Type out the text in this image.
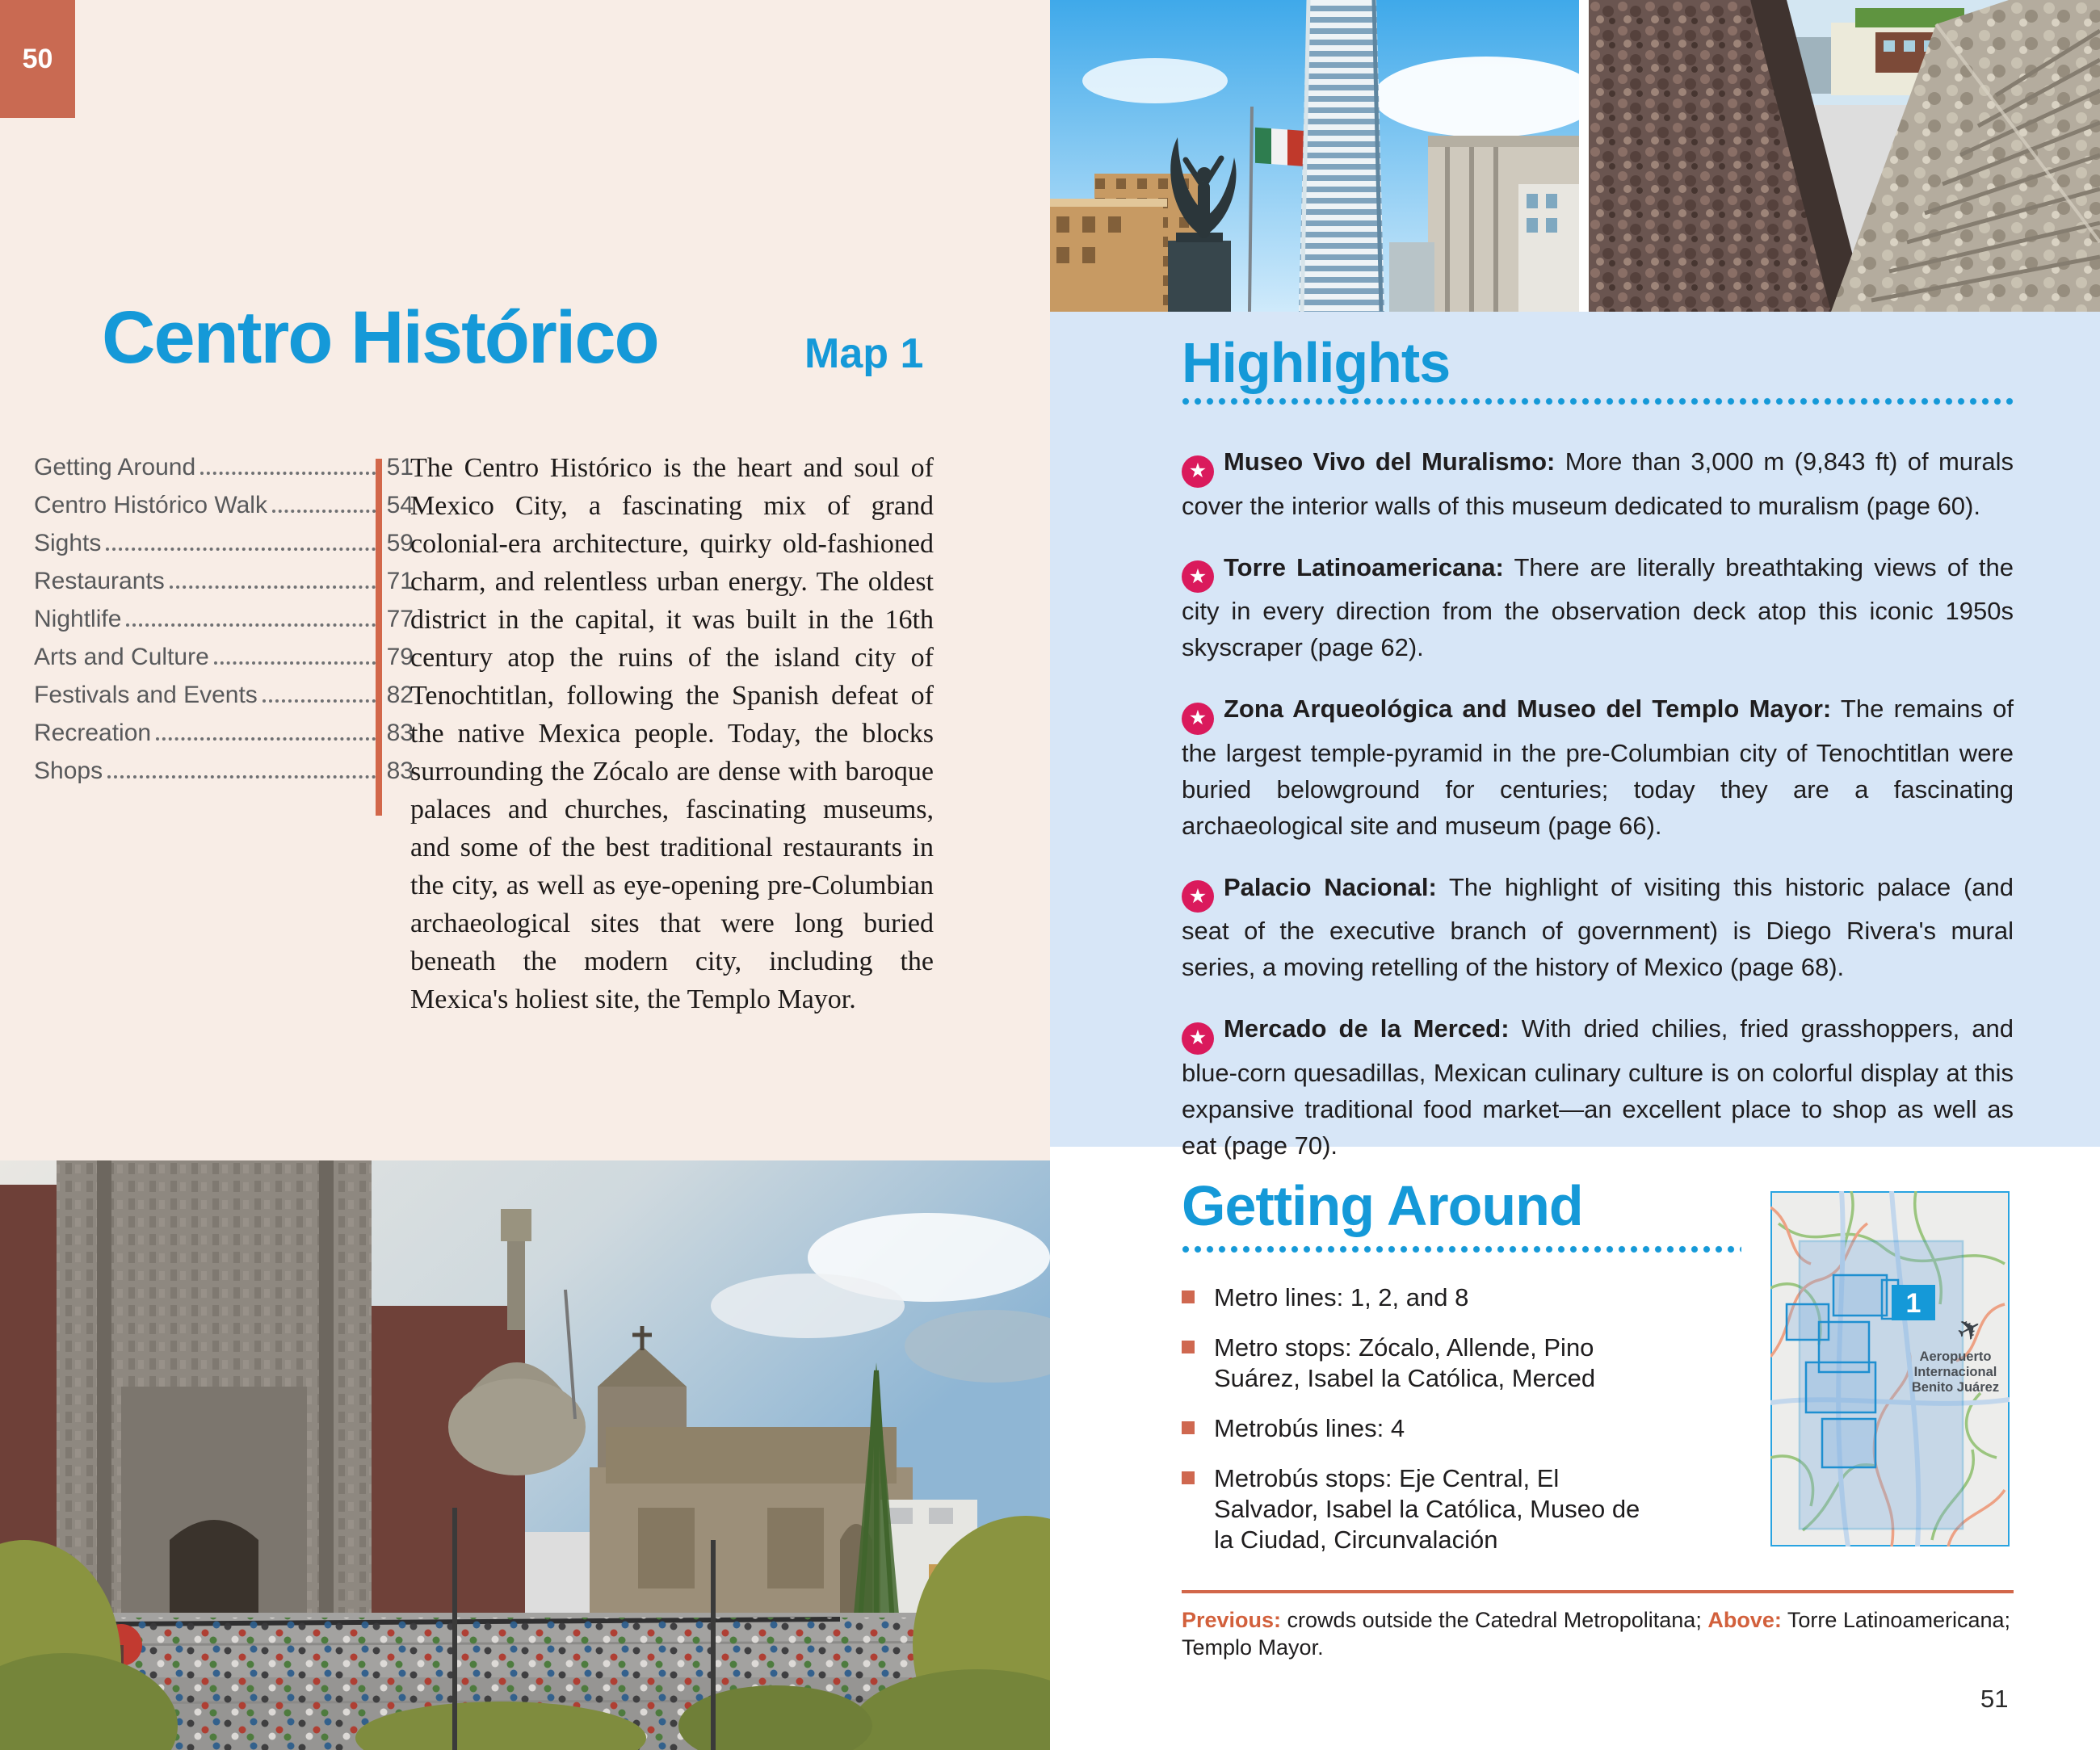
50
Centro Histórico	Map 1
Getting Around	51
Centro Histórico Walk	54
Sights	59
Restaurants	71
Nightlife	77
Arts and Culture	79
Festivals and Events	82
Recreation	83
Shops	83
The Centro Histórico is the heart and soul of Mexico City, a fascinating mix of grand colonial-era architecture, quirky old-fashioned charm, and relentless urban energy. The oldest district in the capital, it was built in the 16th century atop the ruins of the island city of Tenochtitlan, following the Spanish defeat of the native Mexica people. Today, the blocks surrounding the Zócalo are dense with baroque palaces and churches, fascinating museums, and some of the best traditional restaurants in the city, as well as eye-opening pre-Columbian archaeological sites that were long buried beneath the modern city, including the Mexica's holiest site, the Templo Mayor.
Highlights

★ Museo Vivo del Muralismo: More than 3,000 m (9,843 ft) of murals cover the interior walls of this museum dedicated to muralism (page 60).

★ Torre Latinoamericana: There are literally breathtaking views of the city in every direction from the observation deck atop this iconic 1950s skyscraper (page 62).

★ Zona Arqueológica and Museo del Templo Mayor: The remains of the largest temple-pyramid in the pre-Columbian city of Tenochtitlan were buried belowground for centuries; today they are a fascinating archaeological site and museum (page 66).

★ Palacio Nacional: The highlight of visiting this historic palace (and seat of the executive branch of government) is Diego Rivera's mural series, a moving retelling of the history of Mexico (page 68).

★ Mercado de la Merced: With dried chilies, fried grasshoppers, and blue-corn quesadillas, Mexican culinary culture is on colorful display at this expansive traditional food market—an excellent place to shop as well as eat (page 70).

Getting Around
Metro lines: 1, 2, and 8
Metro stops: Zócalo, Allende, Pino Suárez, Isabel la Católica, Merced
Metrobús lines: 4
Metrobús stops: Eje Central, El Salvador, Isabel la Católica, Museo de la Ciudad, Circunvalación
1
✈
Aeropuerto
Internacional
Benito Juárez
Previous: crowds outside the Catedral Metropolitana; Above: Torre Latinoamericana; Templo Mayor.
51
